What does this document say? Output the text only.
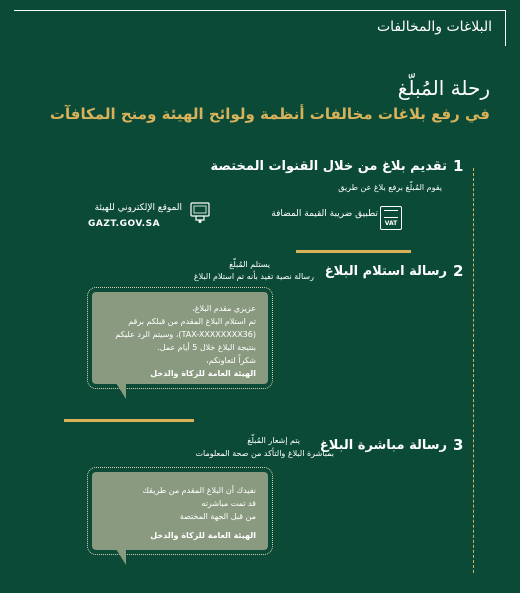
البلاغات والمخالفات
رحلة المُبلّغ
في رفع بلاغات مخالفات أنظمة ولوائح الهيئة ومنح المكافآت
1
تقديم بلاغ من خلال القنوات المختصة
يقوم المُبلّغ برفع بلاغ عن طريق
VAT
تطبيق ضريبة القيمة المضافة
الموقع الإلكتروني للهيئة
GAZT.GOV.SA
2
رسالة استلام البلاغ
يستلم المُبلّغ
رسالة نصية تفيد بأنه تم استلام البلاغ
عزيزي مقدم البلاغ،
تم استلام البلاغ المقدم من قبلكم برقم
(TAX-XXXXXXXX36)، وسيتم الرد عليكم
بنتيجة البلاغ خلال 5 أيام عمل.
شكراً لتعاونكم،
الهيئة العامة للزكاة والدخل
3
رسالة مباشرة البلاغ
يتم إشعار المُبلّغ
بمباشرة البلاغ والتأكد من صحة المعلومات
نفيدك أن البلاغ المقدم من طريقك
قد تمت مباشرته
من قبل الجهة المختصة
الهيئة العامة للزكاة والدخل
